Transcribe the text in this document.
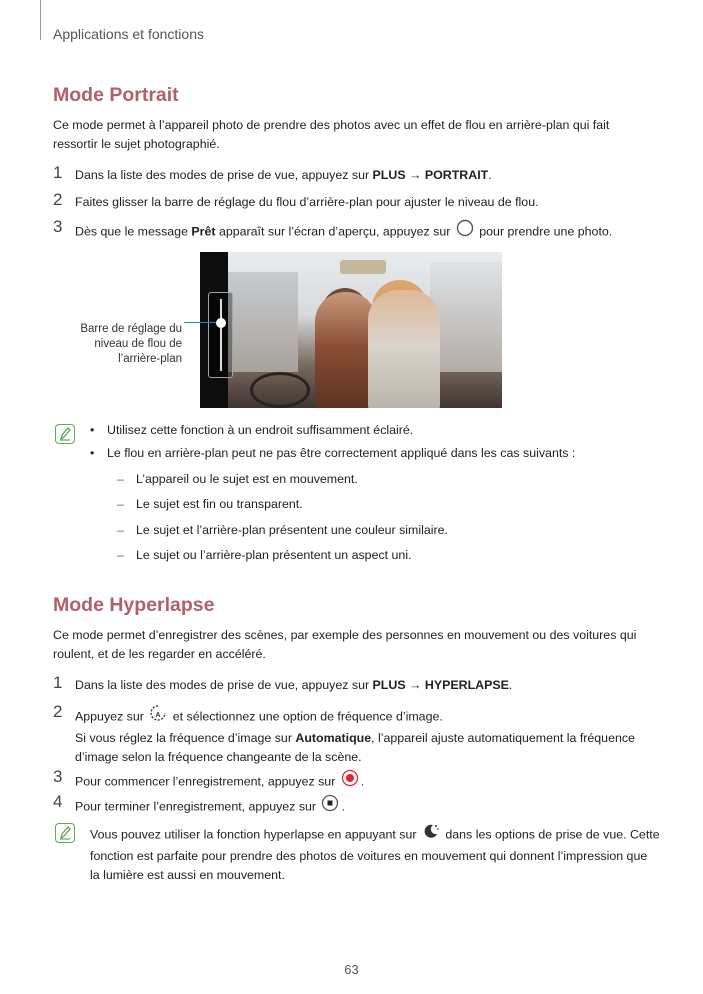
Applications et fonctions
Mode Portrait
Ce mode permet à l’appareil photo de prendre des photos avec un effet de flou en arrière-plan qui fait ressortir le sujet photographié.
1 Dans la liste des modes de prise de vue, appuyez sur PLUS → PORTRAIT.
2 Faites glisser la barre de réglage du flou d’arrière-plan pour ajuster le niveau de flou.
3 Dès que le message Prêt apparaît sur l’écran d’aperçu, appuyez sur  pour prendre une photo.
Barre de réglage du niveau de flou de l’arrière-plan
• Utilisez cette fonction à un endroit suffisamment éclairé.
• Le flou en arrière-plan peut ne pas être correctement appliqué dans les cas suivants :
– L’appareil ou le sujet est en mouvement.
– Le sujet est fin ou transparent.
– Le sujet et l’arrière-plan présentent une couleur similaire.
– Le sujet ou l’arrière-plan présentent un aspect uni.
Mode Hyperlapse
Ce mode permet d’enregistrer des scènes, par exemple des personnes en mouvement ou des voitures qui roulent, et de les regarder en accéléré.
1 Dans la liste des modes de prise de vue, appuyez sur PLUS → HYPERLAPSE.
2 Appuyez sur A et sélectionnez une option de fréquence d’image.
Si vous réglez la fréquence d’image sur Automatique, l’appareil ajuste automatiquement la fréquence d’image selon la fréquence changeante de la scène.
3 Pour commencer l’enregistrement, appuyez sur .
4 Pour terminer l’enregistrement, appuyez sur .
Vous pouvez utiliser la fonction hyperlapse en appuyant sur  dans les options de prise de vue. Cette fonction est parfaite pour prendre des photos de voitures en mouvement qui donnent l’impression que la lumière est aussi en mouvement.
63
